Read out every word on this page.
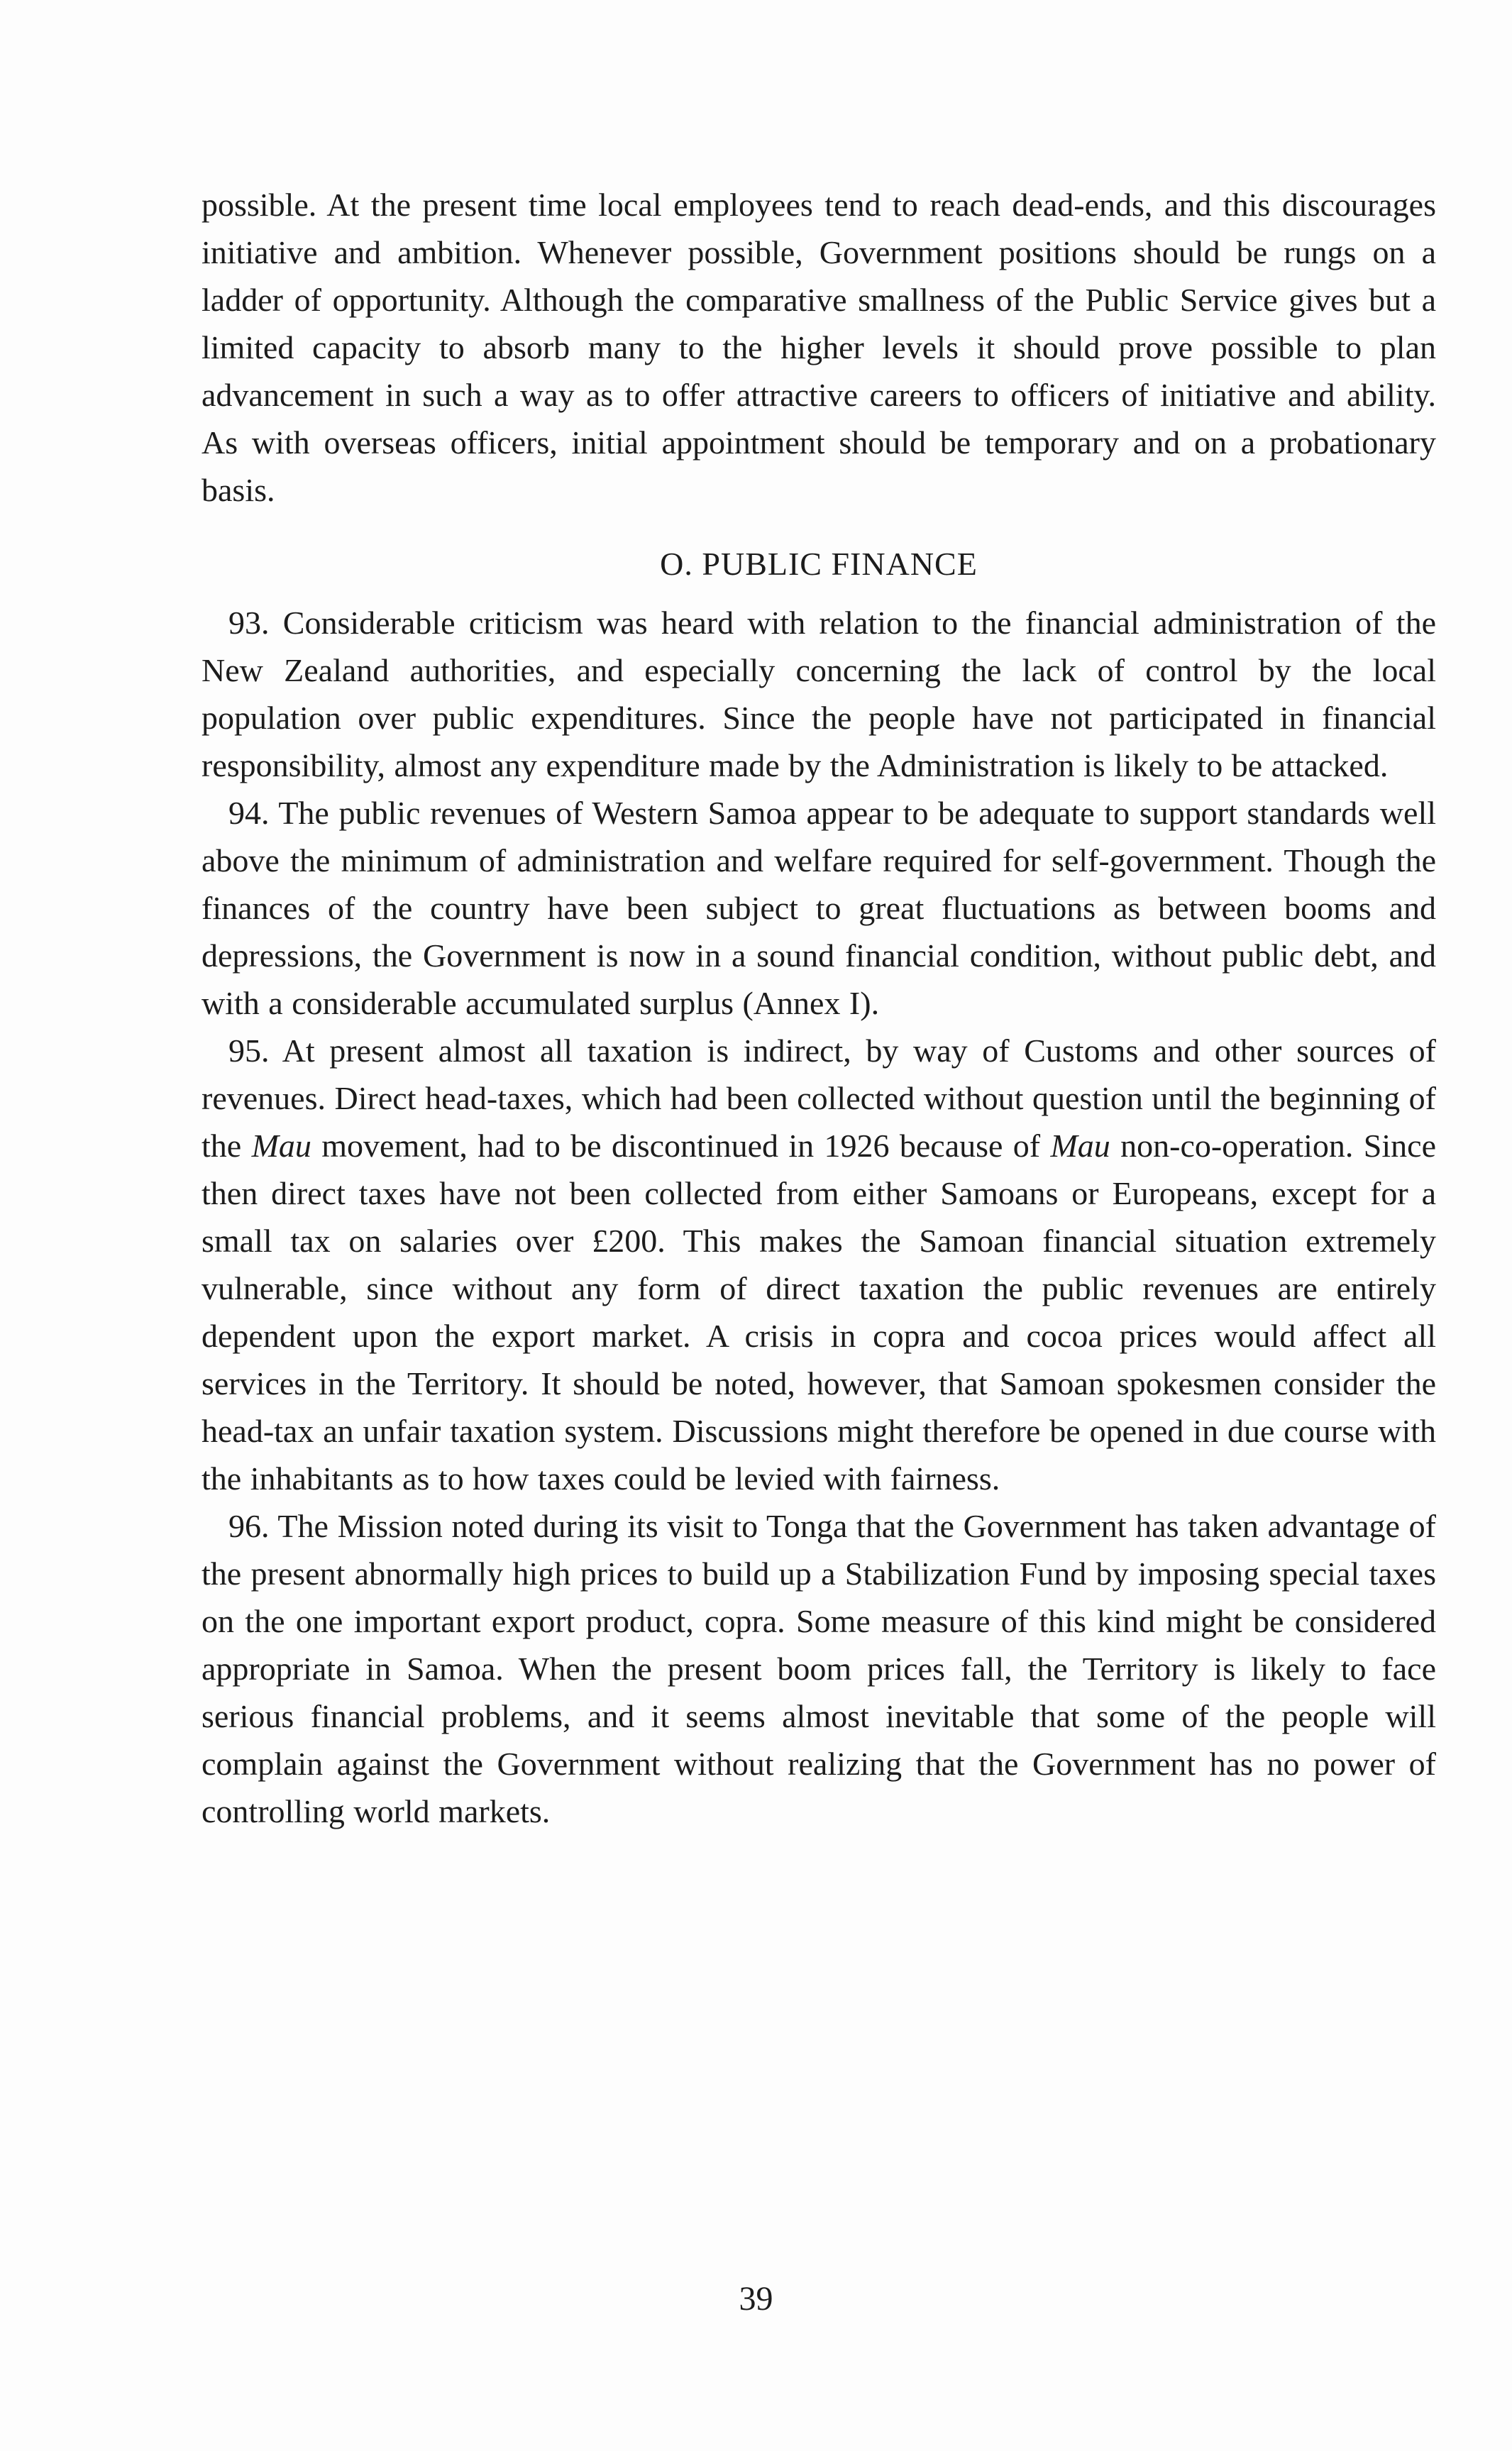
possible. At the present time local employees tend to reach dead-ends, and this discourages initiative and ambition. Whenever possible, Government positions should be rungs on a ladder of opportunity. Although the comparative smallness of the Public Service gives but a limited capacity to absorb many to the higher levels it should prove possible to plan advancement in such a way as to offer attractive careers to officers of initiative and ability. As with overseas officers, initial appointment should be temporary and on a probationary basis.

O. PUBLIC FINANCE

93. Considerable criticism was heard with relation to the financial administration of the New Zealand authorities, and especially concerning the lack of control by the local population over public expenditures. Since the people have not participated in financial responsibility, almost any expenditure made by the Administration is likely to be attacked.

94. The public revenues of Western Samoa appear to be adequate to support standards well above the minimum of administration and welfare required for self-government. Though the finances of the country have been subject to great fluctuations as between booms and depressions, the Government is now in a sound financial condition, without public debt, and with a considerable accumulated surplus (Annex I).

95. At present almost all taxation is indirect, by way of Customs and other sources of revenues. Direct head-taxes, which had been collected without question until the beginning of the Mau movement, had to be discontinued in 1926 because of Mau non-co-operation. Since then direct taxes have not been collected from either Samoans or Europeans, except for a small tax on salaries over £200. This makes the Samoan financial situation extremely vulnerable, since without any form of direct taxation the public revenues are entirely dependent upon the export market. A crisis in copra and cocoa prices would affect all services in the Territory. It should be noted, however, that Samoan spokesmen consider the head-tax an unfair taxation system. Discussions might therefore be opened in due course with the inhabitants as to how taxes could be levied with fairness.

96. The Mission noted during its visit to Tonga that the Government has taken advantage of the present abnormally high prices to build up a Stabilization Fund by imposing special taxes on the one important export product, copra. Some measure of this kind might be considered appropriate in Samoa. When the present boom prices fall, the Territory is likely to face serious financial problems, and it seems almost inevitable that some of the people will complain against the Government without realizing that the Government has no power of controlling world markets.

39
